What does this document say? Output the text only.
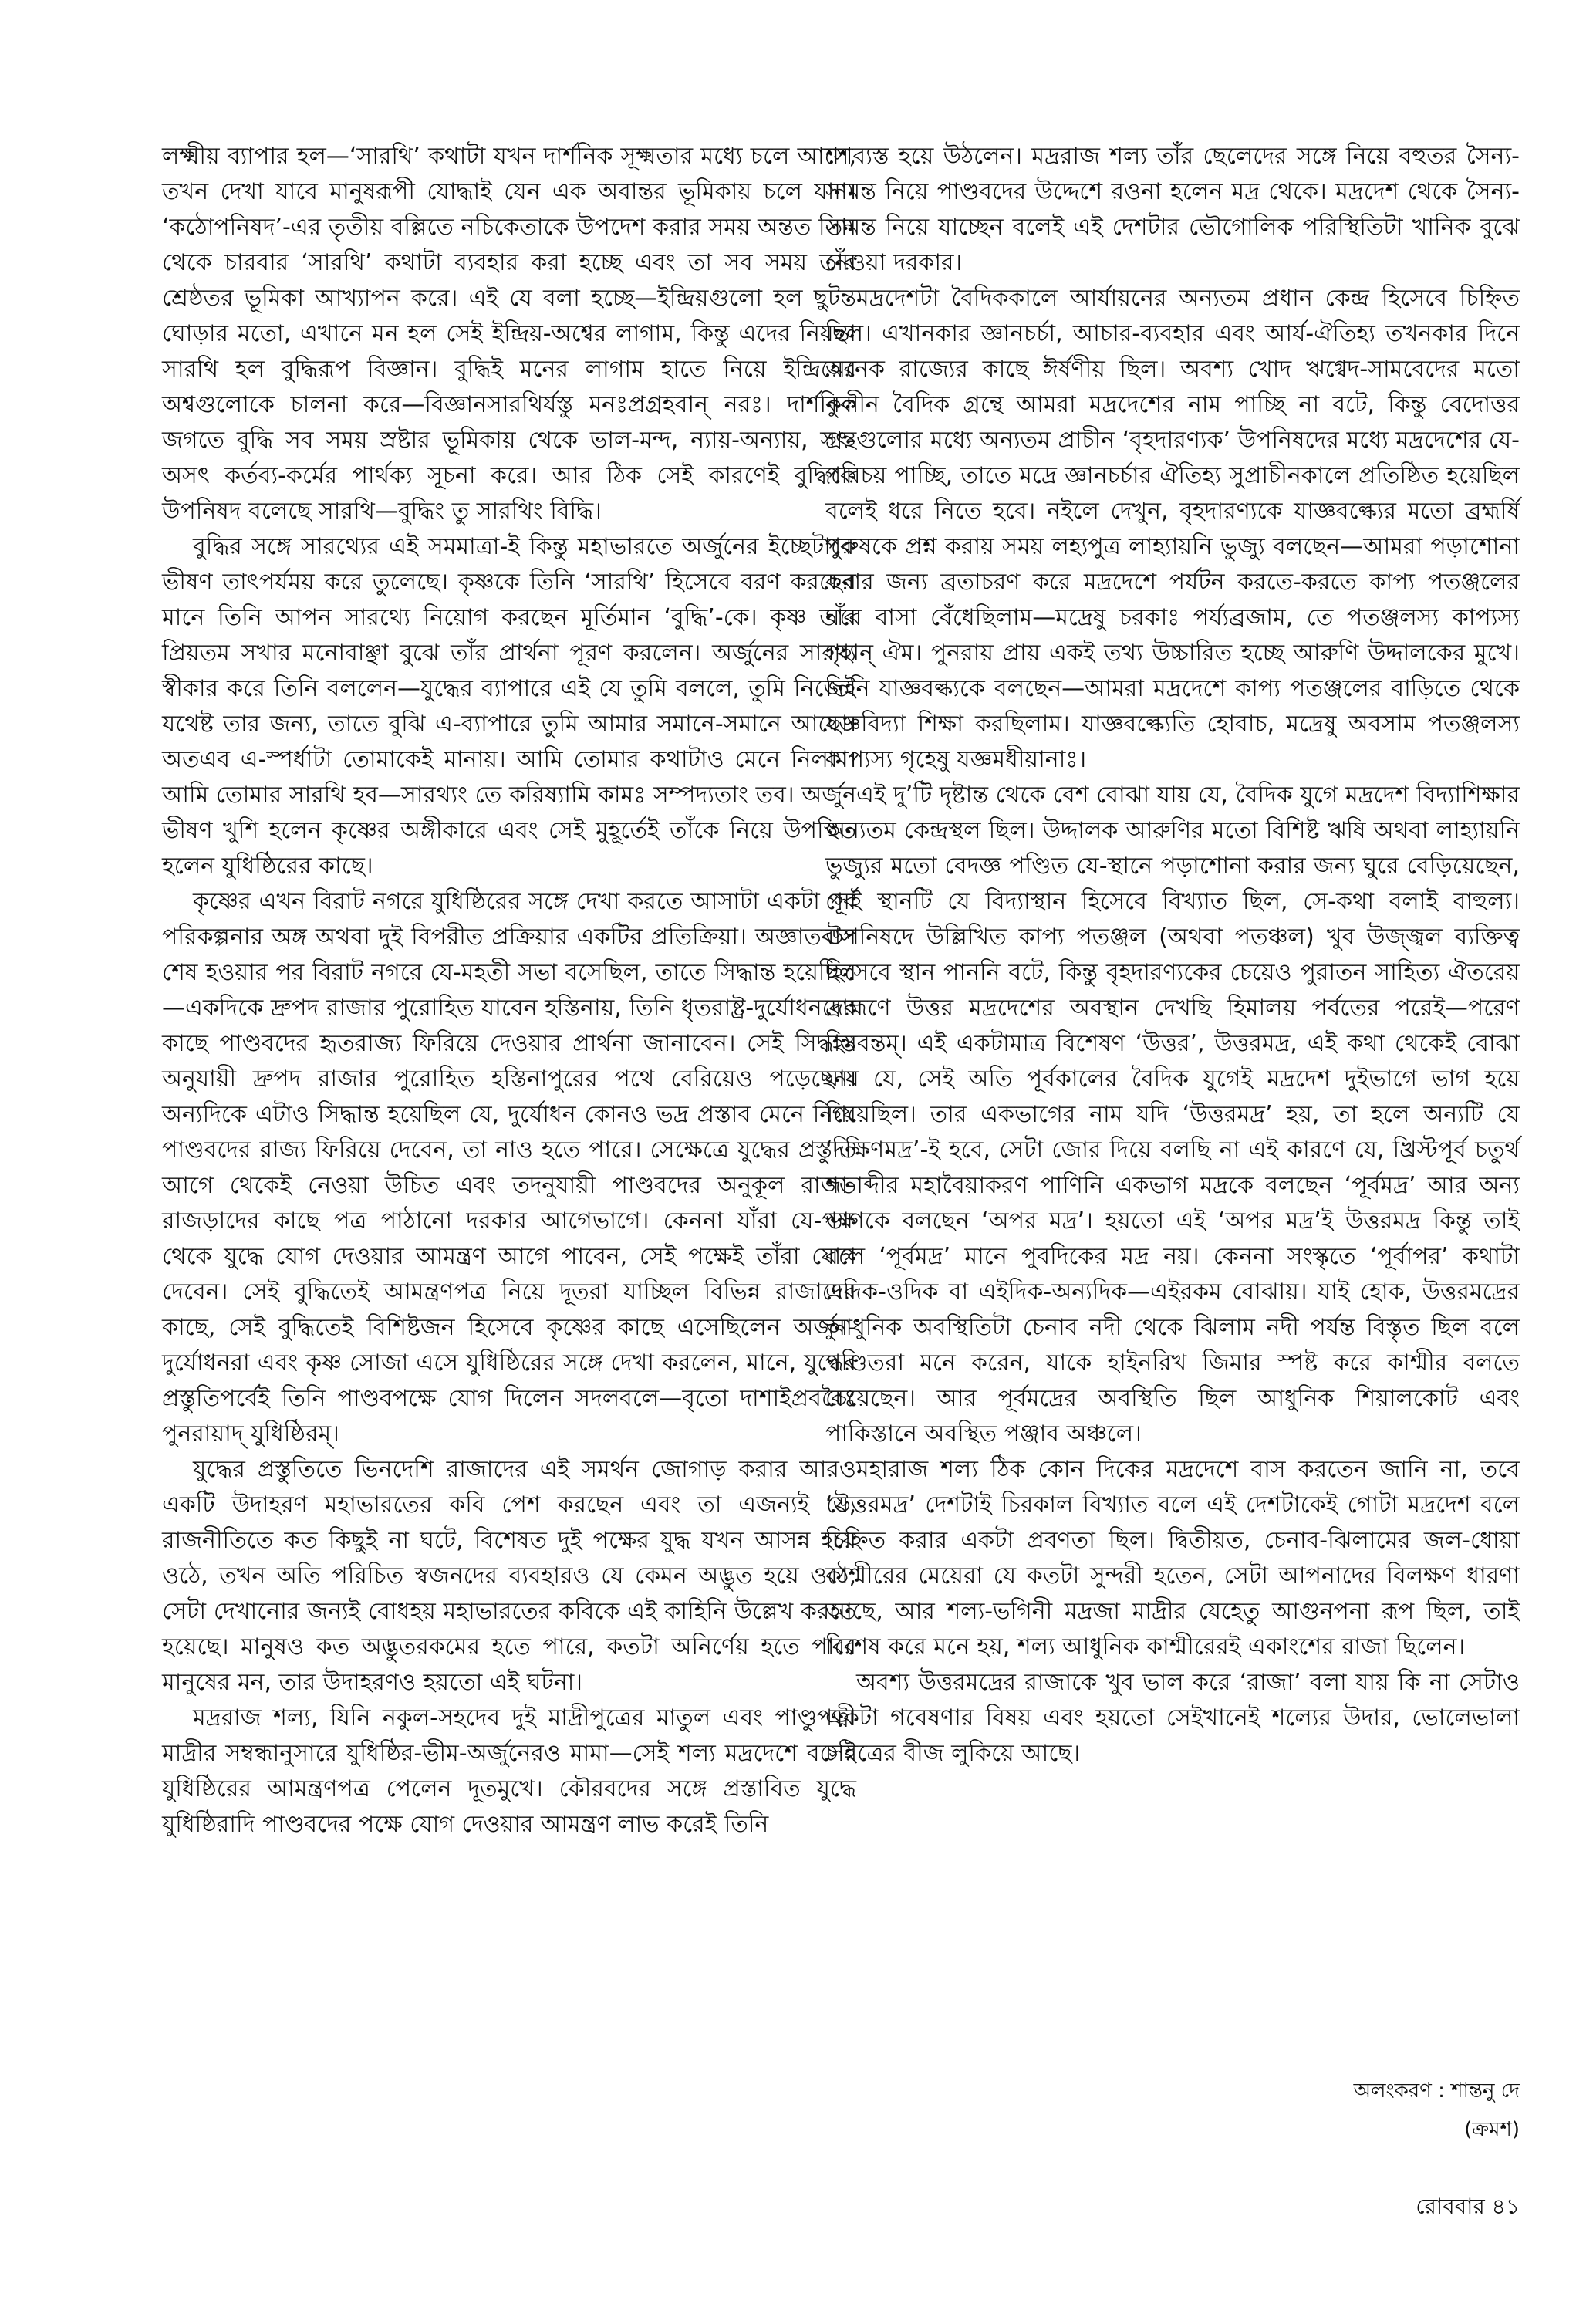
লক্ষ্মীয় ব্যাপার হল—‘সারথি’ কথাটা যখন দার্শনিক সূক্ষ্মতার মধ্যে চলে আসে, তখন দেখা যাবে মানুষরূপী যোদ্ধাই যেন এক অবান্তর ভূমিকায় চলে যান। ‘কঠোপনিষদ’-এর তৃতীয় বল্লিতে নচিকেতাকে উপদেশ করার সময় অন্তত তিন থেকে চারবার ‘সারথি’ কথাটা ব্যবহার করা হচ্ছে এবং তা সব সময় তাঁর শ্রেষ্ঠতর ভূমিকা আখ্যাপন করে। এই যে বলা হচ্ছে—ইন্দ্রিয়গুলো হল ছুটন্ত ঘোড়ার মতো, এখানে মন হল সেই ইন্দ্রিয়-অশ্বের লাগাম, কিন্তু এদের নিয়ন্তা সারথি হল বুদ্ধিরূপ বিজ্ঞান। বুদ্ধিই মনের লাগাম হাতে নিয়ে ইন্দ্রিয়ের অশ্বগুলোকে চালনা করে—বিজ্ঞানসারথির্যস্তু মনঃপ্রগ্রহবান্ নরঃ। দার্শনিক জগতে বুদ্ধি সব সময় স্রষ্টার ভূমিকায় থেকে ভাল-মন্দ, ন্যায়-অন্যায়, সৎ-অসৎ কর্তব্য-কর্মের পার্থক্য সূচনা করে। আর ঠিক সেই কারণেই বুদ্ধিকে উপনিষদ বলেছে সারথি—বুদ্ধিং তু সারথিং বিদ্ধি।

বুদ্ধির সঙ্গে সারথ্যের এই সমমাত্রা-ই কিন্তু মহাভারতে অর্জুনের ইচ্ছেটাকে ভীষণ তাৎপর্যময় করে তুলেছে। কৃষ্ণকে তিনি ‘সারথি’ হিসেবে বরণ করছেন মানে তিনি আপন সারথ্যে নিয়োগ করছেন মূর্তিমান ‘বুদ্ধি’-কে। কৃষ্ণ তাঁর প্রিয়তম সখার মনোবাঞ্ছা বুঝে তাঁর প্রার্থনা পূরণ করলেন। অর্জুনের সারথ্য স্বীকার করে তিনি বললেন—যুদ্ধের ব্যাপারে এই যে তুমি বললে, তুমি নিজেই যথেষ্ট তার জন্য, তাতে বুঝি এ-ব্যাপারে তুমি আমার সমানে-সমানে আছো। অতএব এ-স্পর্ধাটা তোমাকেই মানায়। আমি তোমার কথাটাও মেনে নিলাম। আমি তোমার সারথি হব—সারথ্যং তে করিষ্যামি কামঃ সম্পদ্যতাং তব। অর্জুন ভীষণ খুশি হলেন কৃষ্ণের অঙ্গীকারে এবং সেই মুহূর্তেই তাঁকে নিয়ে উপস্থিত হলেন যুধিষ্ঠিরের কাছে।

কৃষ্ণের এখন বিরাট নগরে যুধিষ্ঠিরের সঙ্গে দেখা করতে আসাটা একটা পূর্ব পরিকল্পনার অঙ্গ অথবা দুই বিপরীত প্রক্রিয়ার একটির প্রতিক্রিয়া। অজ্ঞাতবাস শেষ হওয়ার পর বিরাট নগরে যে-মহতী সভা বসেছিল, তাতে সিদ্ধান্ত হয়েছিল—একদিকে দ্রুপদ রাজার পুরোহিত যাবেন হস্তিনায়, তিনি ধৃতরাষ্ট্র-দুর্যোধনদের কাছে পাণ্ডবদের হৃতরাজ্য ফিরিয়ে দেওয়ার প্রার্থনা জানাবেন। সেই সিদ্ধান্ত অনুযায়ী দ্রুপদ রাজার পুরোহিত হস্তিনাপুরের পথে বেরিয়েও পড়েছেন। অন্যদিকে এটাও সিদ্ধান্ত হয়েছিল যে, দুর্যোধন কোনও ভদ্র প্রস্তাব মেনে নিয়ে পাণ্ডবদের রাজ্য ফিরিয়ে দেবেন, তা নাও হতে পারে। সেক্ষেত্রে যুদ্ধের প্রস্তুতি আগে থেকেই নেওয়া উচিত এবং তদনুযায়ী পাণ্ডবদের অনুকূল রাজা-রাজড়াদের কাছে পত্র পাঠানো দরকার আগেভাগে। কেননা যাঁরা যে-পক্ষ থেকে যুদ্ধে যোগ দেওয়ার আমন্ত্রণ আগে পাবেন, সেই পক্ষেই তাঁরা যোগ দেবেন। সেই বুদ্ধিতেই আমন্ত্রণপত্র নিয়ে দূতরা যাচ্ছিল বিভিন্ন রাজাদের কাছে, সেই বুদ্ধিতেই বিশিষ্টজন হিসেবে কৃষ্ণের কাছে এসেছিলেন অর্জুন-দুর্যোধনরা এবং কৃষ্ণ সোজা এসে যুধিষ্ঠিরের সঙ্গে দেখা করলেন, মানে, যুদ্ধের প্রস্তুতিপর্বেই তিনি পাণ্ডবপক্ষে যোগ দিলেন সদলবলে—বৃতো দাশাইপ্রবরৈঃ পুনরায়াদ্ যুধিষ্ঠিরম্।

যুদ্ধের প্রস্তুতিতে ভিনদেশি রাজাদের এই সমর্থন জোগাড় করার আরও একটি উদাহরণ মহাভারতের কবি পেশ করছেন এবং তা এজন্যই যে, রাজনীতিতে কত কিছুই না ঘটে, বিশেষত দুই পক্ষের যুদ্ধ যখন আসন্ন হয়ে ওঠে, তখন অতি পরিচিত স্বজনদের ব্যবহারও যে কেমন অদ্ভুত হয়ে ওঠে, সেটা দেখানোর জন্যই বোধহয় মহাভারতের কবিকে এই কাহিনি উল্লেখ করতে হয়েছে। মানুষও কত অদ্ভুতরকমের হতে পারে, কতটা অনির্ণেয় হতে পারে মানুষের মন, তার উদাহরণও হয়তো এই ঘটনা।

মদ্ররাজ শল্য, যিনি নকুল-সহদেব দুই মাদ্রীপুত্রের মাতুল এবং পাণ্ডুপত্নী মাদ্রীর সম্বন্ধানুসারে যুধিষ্ঠির-ভীম-অর্জুনেরও মামা—সেই শল্য মদ্রদেশে বসেই যুধিষ্ঠিরের আমন্ত্রণপত্র পেলেন দূতমুখে। কৌরবদের সঙ্গে প্রস্তাবিত যুদ্ধে যুধিষ্ঠিরাদি পাণ্ডবদের পক্ষে যোগ দেওয়ার আমন্ত্রণ লাভ করেই তিনি

শশব্যস্ত হয়ে উঠলেন। মদ্ররাজ শল্য তাঁর ছেলেদের সঙ্গে নিয়ে বহুতর সৈন্য-সামন্ত নিয়ে পাণ্ডবদের উদ্দেশে রওনা হলেন মদ্র থেকে। মদ্রদেশ থেকে সৈন্য-সামন্ত নিয়ে যাচ্ছেন বলেই এই দেশটার ভৌগোলিক পরিস্থিতিটা খানিক বুঝে নেওয়া দরকার।

মদ্রদেশটা বৈদিককালে আর্যায়নের অন্যতম প্রধান কেন্দ্র হিসেবে চিহ্নিত ছিল। এখানকার জ্ঞানচর্চা, আচার-ব্যবহার এবং আর্য-ঐতিহ্য তখনকার দিনে অনেক রাজ্যের কাছে ঈর্ষণীয় ছিল। অবশ্য খোদ ঋগ্বেদ-সামবেদের মতো কুলীন বৈদিক গ্রন্থে আমরা মদ্রদেশের নাম পাচ্ছি না বটে, কিন্তু বেদোত্তর গ্রন্থগুলোর মধ্যে অন্যতম প্রাচীন ‘বৃহদারণ্যক’ উপনিষদের মধ্যে মদ্রদেশের যে-পরিচয় পাচ্ছি, তাতে মদ্রে জ্ঞানচর্চার ঐতিহ্য সুপ্রাচীনকালে প্রতিষ্ঠিত হয়েছিল বলেই ধরে নিতে হবে। নইলে দেখুন, বৃহদারণ্যকে যাজ্ঞবল্ক্যের মতো ব্রহ্মর্ষি পুরুষকে প্রশ্ন করায় সময় লহ্যপুত্র লাহ্যায়নি ভুজ্যু বলছেন—আমরা পড়াশোনা করার জন্য ব্রতাচরণ করে মদ্রদেশে পর্যটন করতে-করতে কাপ্য পতঞ্জলের ঘরে বাসা বেঁধেছিলাম—মদ্রেষু চরকাঃ পর্য্যব্রজাম, তে পতঞ্জলস্য কাপ্যস্য গৃহান্ ঐম। পুনরায় প্রায় একই তথ্য উচ্চারিত হচ্ছে আরুণি উদ্দালকের মুখে। তিনি যাজ্ঞবল্ক্যকে বলছেন—আমরা মদ্রদেশে কাপ্য পতঞ্জলের বাড়িতে থেকে যজ্ঞবিদ্যা শিক্ষা করছিলাম। যাজ্ঞবল্ক্যেতি হোবাচ, মদ্রেষু অবসাম পতঞ্জলস্য কাপ্যস্য গৃহেষু যজ্ঞমধীয়ানাঃ।

এই দু’টি দৃষ্টান্ত থেকে বেশ বোঝা যায় যে, বৈদিক যুগে মদ্রদেশ বিদ্যাশিক্ষার অন্যতম কেন্দ্রস্থল ছিল। উদ্দালক আরুণির মতো বিশিষ্ট ঋষি অথবা লাহ্যায়নি ভুজ্যুর মতো বেদজ্ঞ পণ্ডিত যে-স্থানে পড়াশোনা করার জন্য ঘুরে বেড়িয়েছেন, সেই স্থানটি যে বিদ্যাস্থান হিসেবে বিখ্যাত ছিল, সে-কথা বলাই বাহুল্য। উপনিষদে উল্লিখিত কাপ্য পতঞ্জল (অথবা পতঞ্চল) খুব উজ্জ্বল ব্যক্তিত্ব হিসেবে স্থান পাননি বটে, কিন্তু বৃহদারণ্যকের চেয়েও পুরাতন সাহিত্য ঐতরেয় ব্রাহ্মণে উত্তর মদ্রদেশের অবস্থান দেখছি হিমালয় পর্বতের পরেই—পরেণ হিমবন্তম্। এই একটামাত্র বিশেষণ ‘উত্তর’, উত্তরমদ্র, এই কথা থেকেই বোঝা যায় যে, সেই অতি পূর্বকালের বৈদিক যুগেই মদ্রদেশ দুইভাগে ভাগ হয়ে গিয়েছিল। তার একভাগের নাম যদি ‘উত্তরমদ্র’ হয়, তা হলে অন্যটি যে ‘দক্ষিণমদ্র’-ই হবে, সেটা জোর দিয়ে বলছি না এই কারণে যে, খ্রিস্টপূর্ব চতুর্থ শতাব্দীর মহাবৈয়াকরণ পাণিনি একভাগ মদ্রকে বলছেন ‘পূর্বমদ্র’ আর অন্য ভাগকে বলছেন ‘অপর মদ্র’। হয়তো এই ‘অপর মদ্র’ই উত্তরমদ্র কিন্তু তাই বলে ‘পূর্বমদ্র’ মানে পুবদিকের মদ্র নয়। কেননা সংস্কৃতে ‘পূর্বাপর’ কথাটা এদিক-ওদিক বা এইদিক-অন্যদিক—এইরকম বোঝায়। যাই হোক, উত্তরমদ্রের আধুনিক অবস্থিতিটা চেনাব নদী থেকে ঝিলাম নদী পর্যন্ত বিস্তৃত ছিল বলে পণ্ডিতরা মনে করেন, যাকে হাইনরিখ জিমার স্পষ্ট করে কাশ্মীর বলতে চেয়েছেন। আর পূর্বমদ্রের অবস্থিতি ছিল আধুনিক শিয়ালকোট এবং পাকিস্তানে অবস্থিত পঞ্জাব অঞ্চলে।

মহারাজ শল্য ঠিক কোন দিকের মদ্রদেশে বাস করতেন জানি না, তবে ‘উত্তরমদ্র’ দেশটাই চিরকাল বিখ্যাত বলে এই দেশটাকেই গোটা মদ্রদেশ বলে চিহ্নিত করার একটা প্রবণতা ছিল। দ্বিতীয়ত, চেনাব-ঝিলামের জল-ধোয়া কাশ্মীরের মেয়েরা যে কতটা সুন্দরী হতেন, সেটা আপনাদের বিলক্ষণ ধারণা আছে, আর শল্য-ভগিনী মদ্রজা মাদ্রীর যেহেতু আগুনপনা রূপ ছিল, তাই বিশেষ করে মনে হয়, শল্য আধুনিক কাশ্মীরেরই একাংশের রাজা ছিলেন।

অবশ্য উত্তরমদ্রের রাজাকে খুব ভাল করে ‘রাজা’ বলা যায় কি না সেটাও একটা গবেষণার বিষয় এবং হয়তো সেইখানেই শল্যের উদার, ভোলেভালা চরিত্রের বীজ লুকিয়ে আছে।

অলংকরণ : শান্তনু দে
(ক্রমশ)
রোববার ৪১
